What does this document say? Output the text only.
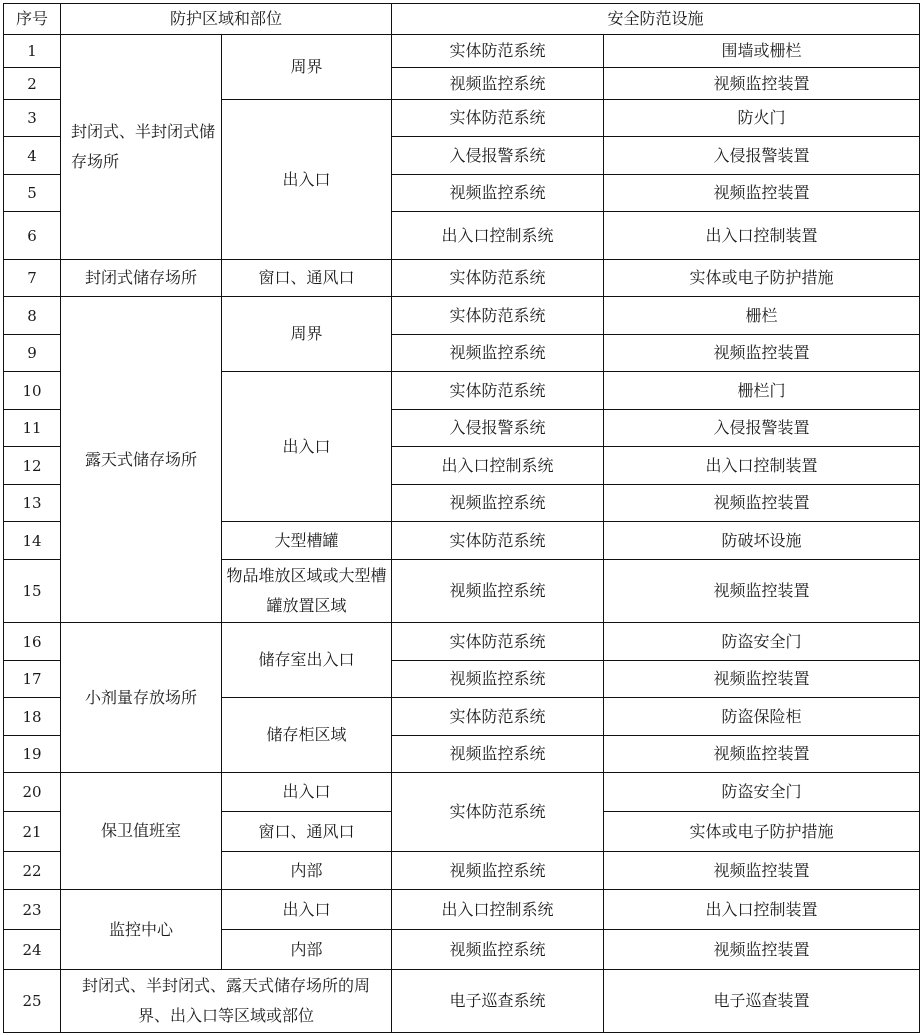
序号	防护区域和部位		安全防范设施	
1	封闭式、半封闭式储存场所	周界	实体防范系统	围墙或栅栏
2			视频监控系统	视频监控装置
3		出入口	实体防范系统	防火门
4			入侵报警系统	入侵报警装置
5			视频监控系统	视频监控装置
6			出入口控制系统	出入口控制装置
7	封闭式储存场所	窗口、通风口	实体防范系统	实体或电子防护措施
8	露天式储存场所	周界	实体防范系统	栅栏
9			视频监控系统	视频监控装置
10		出入口	实体防范系统	栅栏门
11			入侵报警系统	入侵报警装置
12			出入口控制系统	出入口控制装置
13			视频监控系统	视频监控装置
14		大型槽罐	实体防范系统	防破坏设施
15		物品堆放区域或大型槽罐放置区域	视频监控系统	视频监控装置
16	小剂量存放场所	储存室出入口	实体防范系统	防盗安全门
17			视频监控系统	视频监控装置
18		储存柜区域	实体防范系统	防盗保险柜
19			视频监控系统	视频监控装置
20	保卫值班室	出入口	实体防范系统	防盗安全门
21		窗口、通风口		实体或电子防护措施
22		内部	视频监控系统	视频监控装置
23	监控中心	出入口	出入口控制系统	出入口控制装置
24		内部	视频监控系统	视频监控装置
25	封闭式、半封闭式、露天式储存场所的周界、出入口等区域或部位		电子巡查系统	电子巡查装置
